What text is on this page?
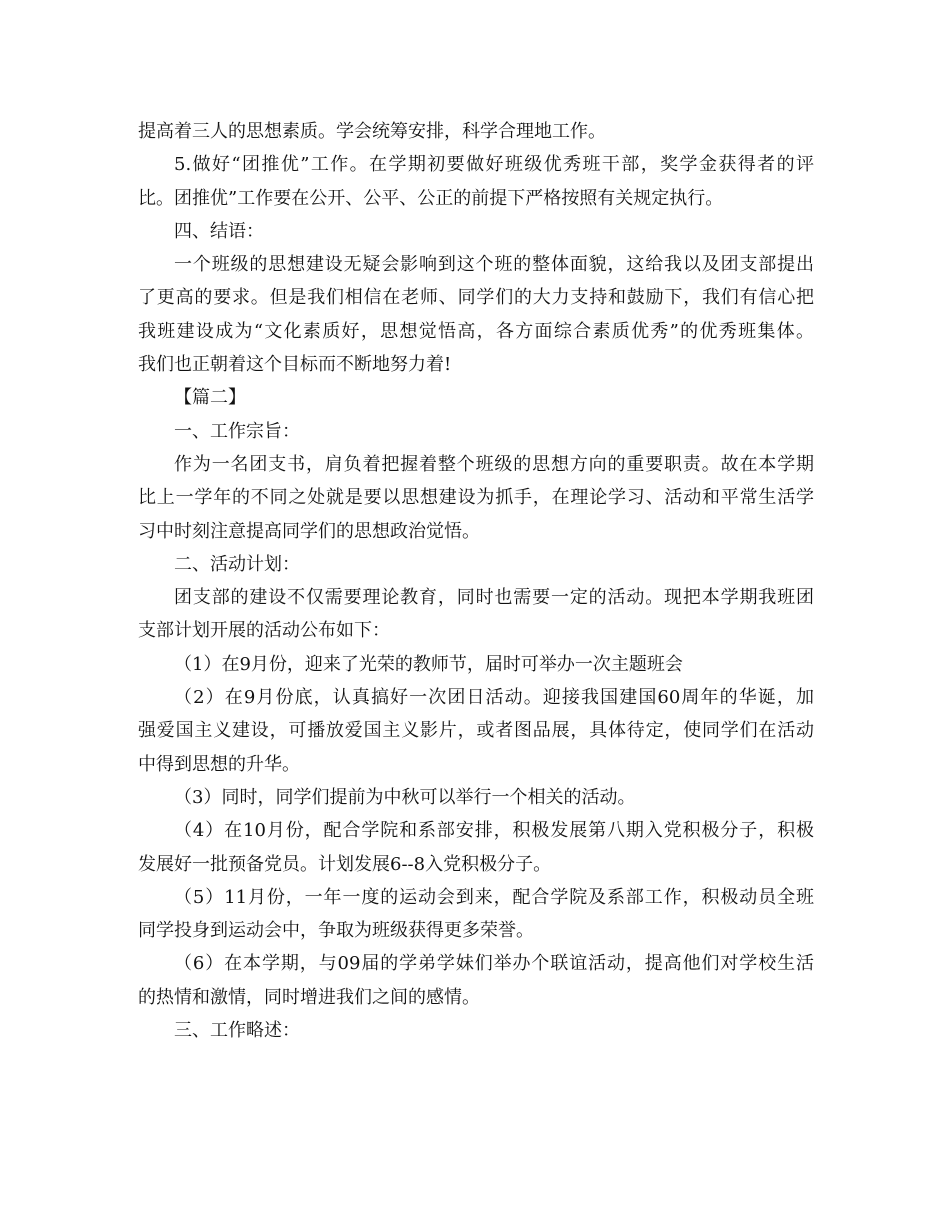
提高着三人的思想素质。学会统筹安排，科学合理地工作。
5.做好“团推优”工作。在学期初要做好班级优秀班干部，奖学金获得者的评
比。团推优”工作要在公开、公平、公正的前提下严格按照有关规定执行。
四、结语：
一个班级的思想建设无疑会影响到这个班的整体面貌，这给我以及团支部提出
了更高的要求。但是我们相信在老师、同学们的大力支持和鼓励下，我们有信心把
我班建设成为“文化素质好，思想觉悟高，各方面综合素质优秀”的优秀班集体。
我们也正朝着这个目标而不断地努力着!
【篇二】
一、工作宗旨：
作为一名团支书，肩负着把握着整个班级的思想方向的重要职责。故在本学期
比上一学年的不同之处就是要以思想建设为抓手，在理论学习、活动和平常生活学
习中时刻注意提高同学们的思想政治觉悟。
二、活动计划：
团支部的建设不仅需要理论教育，同时也需要一定的活动。现把本学期我班团
支部计划开展的活动公布如下：
（1）在9月份，迎来了光荣的教师节，届时可举办一次主题班会
（2）在9月份底，认真搞好一次团日活动。迎接我国建国60周年的华诞，加
强爱国主义建设，可播放爱国主义影片，或者图品展，具体待定，使同学们在活动
中得到思想的升华。
（3）同时，同学们提前为中秋可以举行一个相关的活动。
（4）在10月份，配合学院和系部安排，积极发展第八期入党积极分子，积极
发展好一批预备党员。计划发展6--8入党积极分子。
（5）11月份，一年一度的运动会到来，配合学院及系部工作，积极动员全班
同学投身到运动会中，争取为班级获得更多荣誉。
（6）在本学期，与09届的学弟学妹们举办个联谊活动，提高他们对学校生活
的热情和激情，同时增进我们之间的感情。
三、工作略述：
